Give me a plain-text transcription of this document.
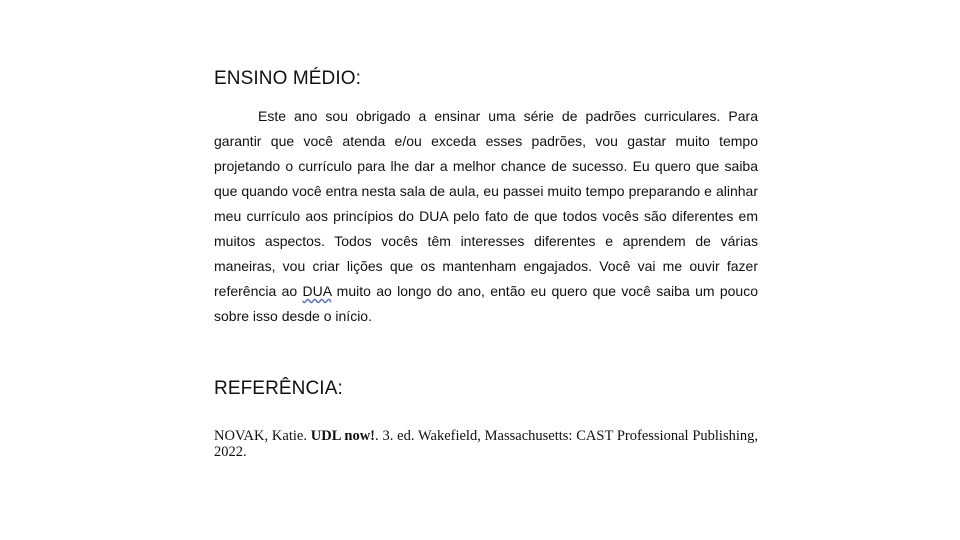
ENSINO MÉDIO:

Este ano sou obrigado a ensinar uma série de padrões curriculares. Para garantir que você atenda e/ou exceda esses padrões, vou gastar muito tempo projetando o currículo para lhe dar a melhor chance de sucesso. Eu quero que saiba que quando você entra nesta sala de aula, eu passei muito tempo preparando e alinhar meu currículo aos princípios do DUA pelo fato de que todos vocês são diferentes em muitos aspectos. Todos vocês têm interesses diferentes e aprendem de várias maneiras, vou criar lições que os mantenham engajados. Você vai me ouvir fazer referência ao DUA muito ao longo do ano, então eu quero que você saiba um pouco sobre isso desde o início.

REFERÊNCIA:

NOVAK, Katie. UDL now!. 3. ed. Wakefield, Massachusetts: CAST Professional Publishing, 2022.
